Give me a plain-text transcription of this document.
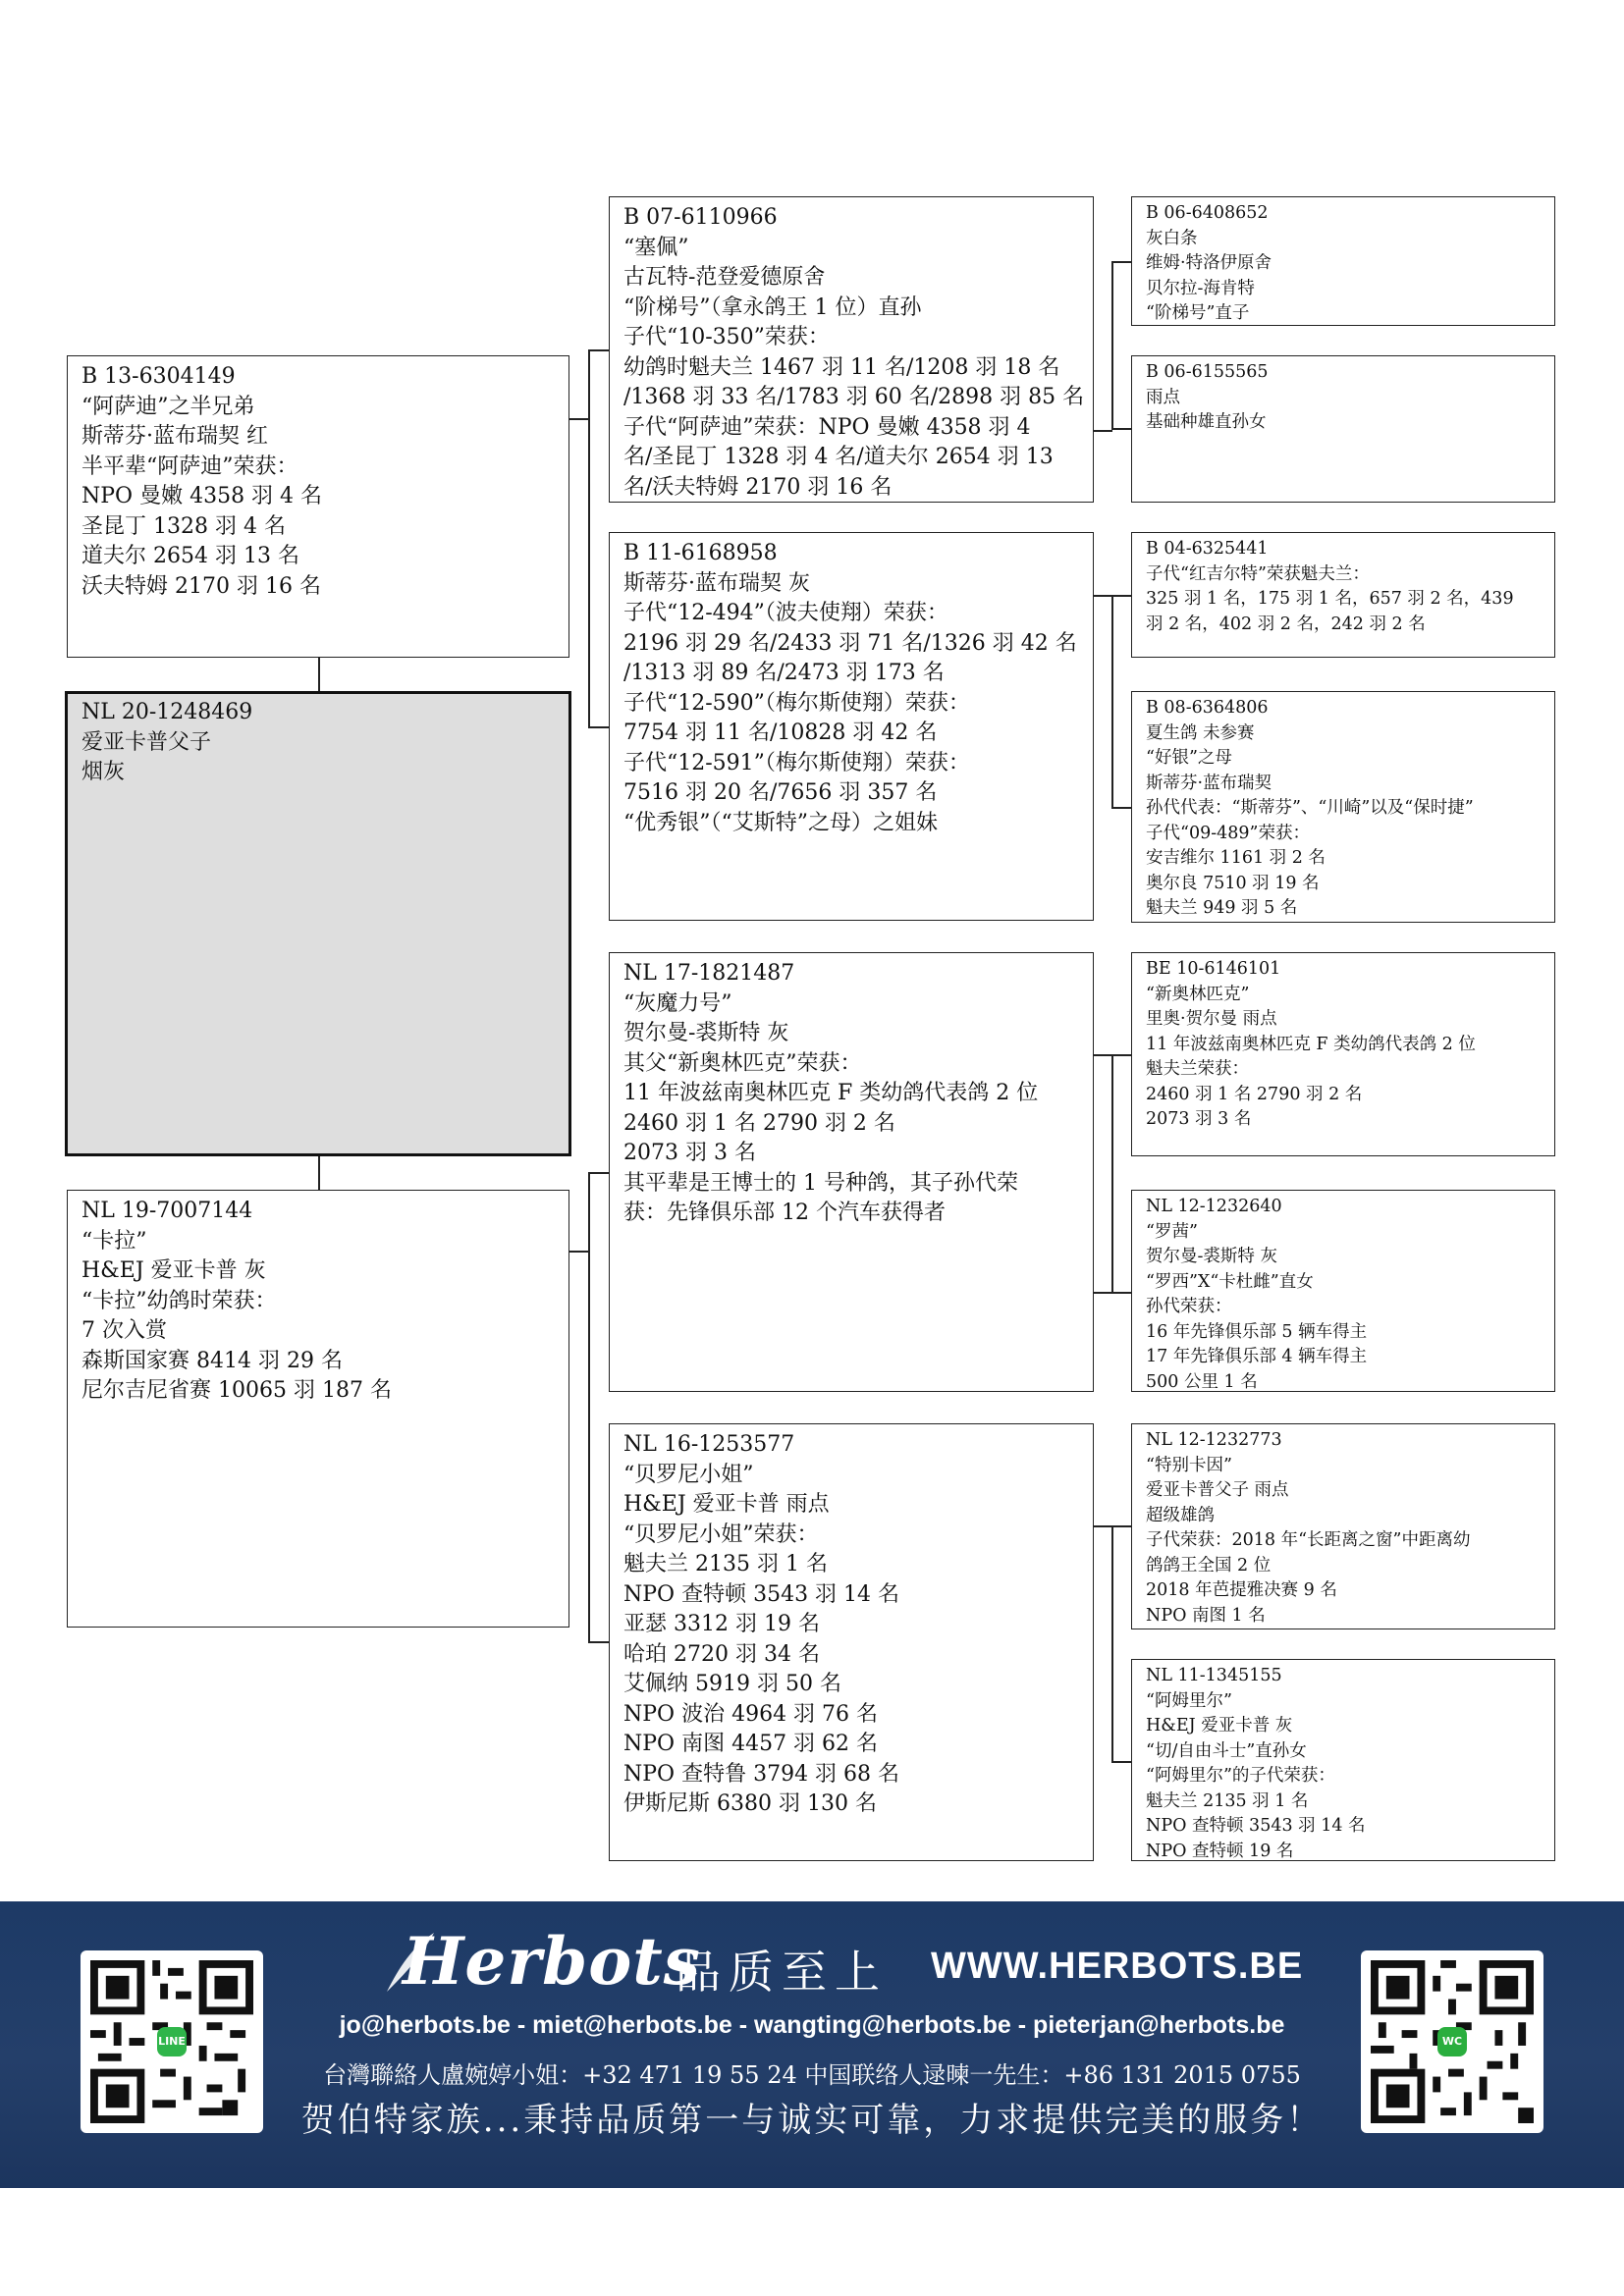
B 13-6304149
“阿萨迪”之半兄弟
斯蒂芬·蓝布瑞契 红
半平辈“阿萨迪”荣获：
NPO 曼嫩 4358 羽 4 名
圣昆丁 1328 羽 4 名
道夫尔 2654 羽 13 名
沃夫特姆 2170 羽 16 名
NL 20-1248469
爱亚卡普父子
烟灰
NL 19-7007144
“卡拉”
H&EJ 爱亚卡普 灰
“卡拉”幼鸽时荣获：
7 次入赏
森斯国家赛 8414 羽 29 名
尼尔吉尼省赛 10065 羽 187 名
B 07-6110966
“塞佩”
古瓦特-范登爱德原舍
“阶梯号”（拿永鸽王 1 位）直孙
子代“10-350”荣获：
幼鸽时魁夫兰 1467 羽 11 名/1208 羽 18 名
/1368 羽 33 名/1783 羽 60 名/2898 羽 85 名
子代“阿萨迪”荣获：NPO 曼嫩 4358 羽 4
名/圣昆丁 1328 羽 4 名/道夫尔 2654 羽 13
名/沃夫特姆 2170 羽 16 名
B 11-6168958
斯蒂芬·蓝布瑞契 灰
子代“12-494”（波夫使翔）荣获：
2196 羽 29 名/2433 羽 71 名/1326 羽 42 名
/1313 羽 89 名/2473 羽 173 名
子代“12-590”（梅尔斯使翔）荣获：
7754 羽 11 名/10828 羽 42 名
子代“12-591”（梅尔斯使翔）荣获：
7516 羽 20 名/7656 羽 357 名
“优秀银”（“艾斯特”之母）之姐妹
NL 17-1821487
“灰魔力号”
贺尔曼-裘斯特 灰
其父“新奥林匹克”荣获：
11 年波兹南奥林匹克 F 类幼鸽代表鸽 2 位
2460 羽 1 名 2790 羽 2 名
2073 羽 3 名
其平辈是王博士的 1 号种鸽，其子孙代荣
获：先锋俱乐部 12 个汽车获得者
NL 16-1253577
“贝罗尼小姐”
H&EJ 爱亚卡普 雨点
“贝罗尼小姐”荣获：
魁夫兰 2135 羽 1 名
NPO 查特顿 3543 羽 14 名
亚瑟 3312 羽 19 名
哈珀 2720 羽 34 名
艾佩纳 5919 羽 50 名
NPO 波治 4964 羽 76 名
NPO 南图 4457 羽 62 名
NPO 查特鲁 3794 羽 68 名
伊斯尼斯 6380 羽 130 名
B 06-6408652
灰白条
维姆·特洛伊原舍
贝尔拉-海肯特
“阶梯号”直子
B 06-6155565
雨点
基础种雄直孙女
B 04-6325441
子代“红吉尔特”荣获魁夫兰：
325 羽 1 名，175 羽 1 名，657 羽 2 名，439
羽 2 名，402 羽 2 名，242 羽 2 名
B 08-6364806
夏生鸽 未参赛
“好银”之母
斯蒂芬·蓝布瑞契
孙代代表：“斯蒂芬”、“川崎”以及“保时捷”
子代“09-489”荣获：
安吉维尔 1161 羽 2 名
奥尔良 7510 羽 19 名
魁夫兰 949 羽 5 名
BE 10-6146101
“新奥林匹克”
里奥·贺尔曼 雨点
11 年波兹南奥林匹克 F 类幼鸽代表鸽 2 位
魁夫兰荣获：
2460 羽 1 名 2790 羽 2 名
2073 羽 3 名
NL 12-1232640
“罗茜”
贺尔曼-裘斯特 灰
“罗西”X“卡杜雌”直女
孙代荣获：
16 年先锋俱乐部 5 辆车得主
17 年先锋俱乐部 4 辆车得主
500 公里 1 名
NL 12-1232773
“特别卡因”
爱亚卡普父子 雨点
超级雄鸽
子代荣获：2018 年“长距离之窗”中距离幼
鸽鸽王全国 2 位
2018 年芭提雅决赛 9 名
NPO 南图 1 名
NL 11-1345155
“阿姆里尔”
H&EJ 爱亚卡普 灰
“切/自由斗士”直孙女
“阿姆里尔”的子代荣获：
魁夫兰 2135 羽 1 名
NPO 查特顿 3543 羽 14 名
NPO 查特顿 19 名
LINE
Herbots
品质至上 WWW.HERBOTS.BE
jo@herbots.be - miet@herbots.be - wangting@herbots.be - pieterjan@herbots.be
台灣聯絡人盧婉婷小姐：+32 471 19 55 24 中国联络人逯暕一先生：+86 131 2015 0755
贺伯特家族...秉持品质第一与诚实可靠，力求提供完美的服务！
WC
